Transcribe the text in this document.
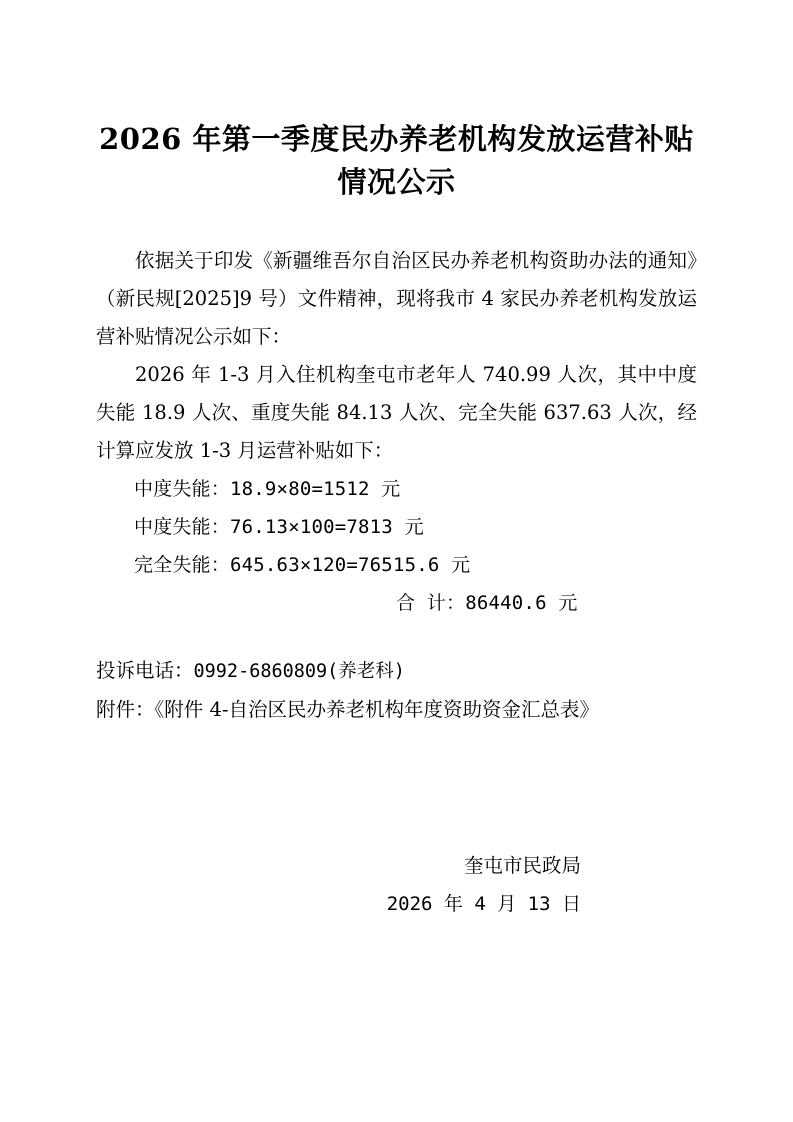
2026 年第一季度民办养老机构发放运营补贴情况公示

依据关于印发《新疆维吾尔自治区民办养老机构资助办法的通知》（新民规[2025]9 号）文件精神，现将我市 4 家民办养老机构发放运营补贴情况公示如下：

2026 年 1-3 月入住机构奎屯市老年人 740.99 人次，其中中度失能 18.9 人次、重度失能 84.13 人次、完全失能 637.63 人次，经计算应发放 1-3 月运营补贴如下：

中度失能：18.9×80=1512 元

中度失能：76.13×100=7813 元

完全失能：645.63×120=76515.6 元

合 计：86440.6 元

投诉电话：0992-6860809(养老科)

附件：《附件 4-自治区民办养老机构年度资助资金汇总表》

奎屯市民政局

2026 年 4 月 13 日
